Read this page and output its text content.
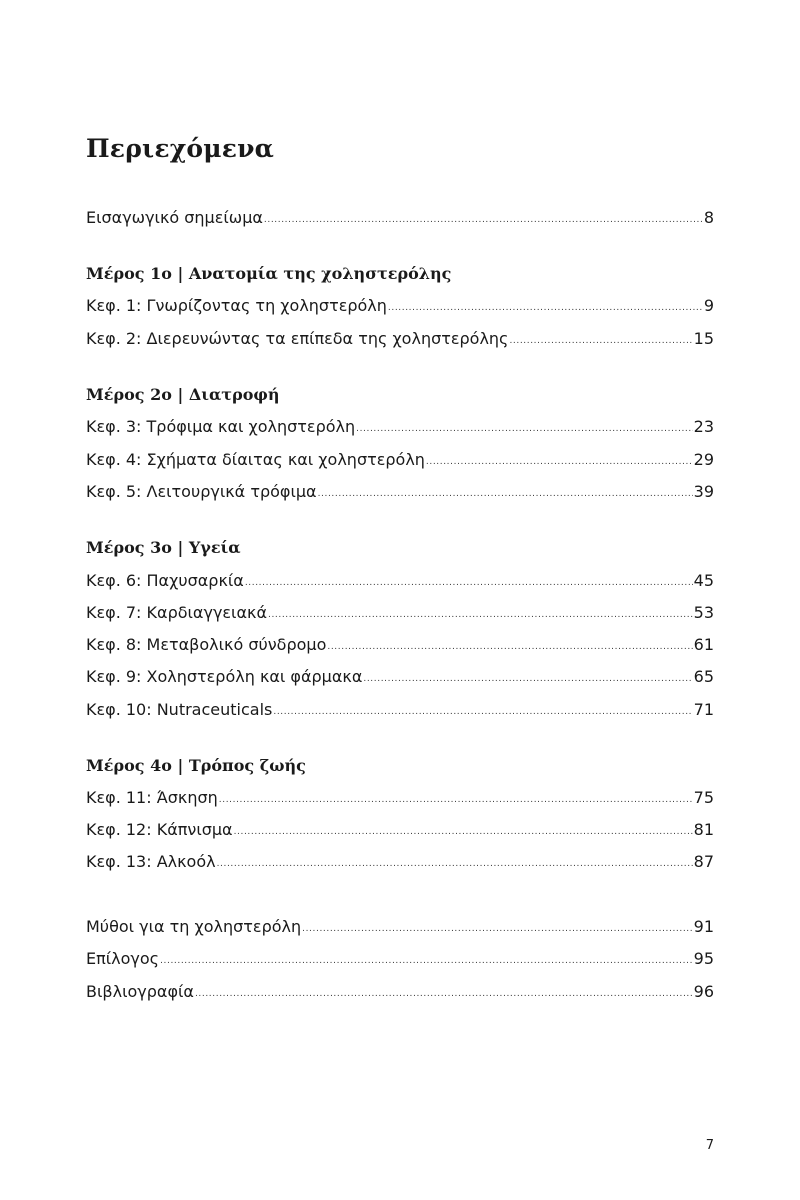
Περιεχόμενα
Εισαγωγικό σημείωμα .....	8
Μέρος 1ο | Ανατομία της χοληστερόλης
Κεφ. 1: Γνωρίζοντας τη χοληστερόλη .....	9
Κεφ. 2: Διερευνώντας τα επίπεδα της χοληστερόλης .....	15
Μέρος 2ο | Διατροφή
Κεφ. 3: Τρόφιμα και χοληστερόλη .....	23
Κεφ. 4: Σχήματα δίαιτας και χοληστερόλη .....	29
Κεφ. 5: Λειτουργικά τρόφιμα .....	39
Μέρος 3ο | Υγεία
Κεφ. 6: Παχυσαρκία .....	45
Κεφ. 7: Καρδιαγγειακά .....	53
Κεφ. 8: Μεταβολικό σύνδρομο .....	61
Κεφ. 9: Χοληστερόλη και φάρμακα .....	65
Κεφ. 10: Nutraceuticals .....	71
Μέρος 4ο | Τρόπος ζωής
Κεφ. 11: Άσκηση .....	75
Κεφ. 12: Κάπνισμα .....	81
Κεφ. 13: Αλκοόλ .....	87
Μύθοι για τη χοληστερόλη .....	91
Επίλογος .....	95
Βιβλιογραφία .....	96
7
